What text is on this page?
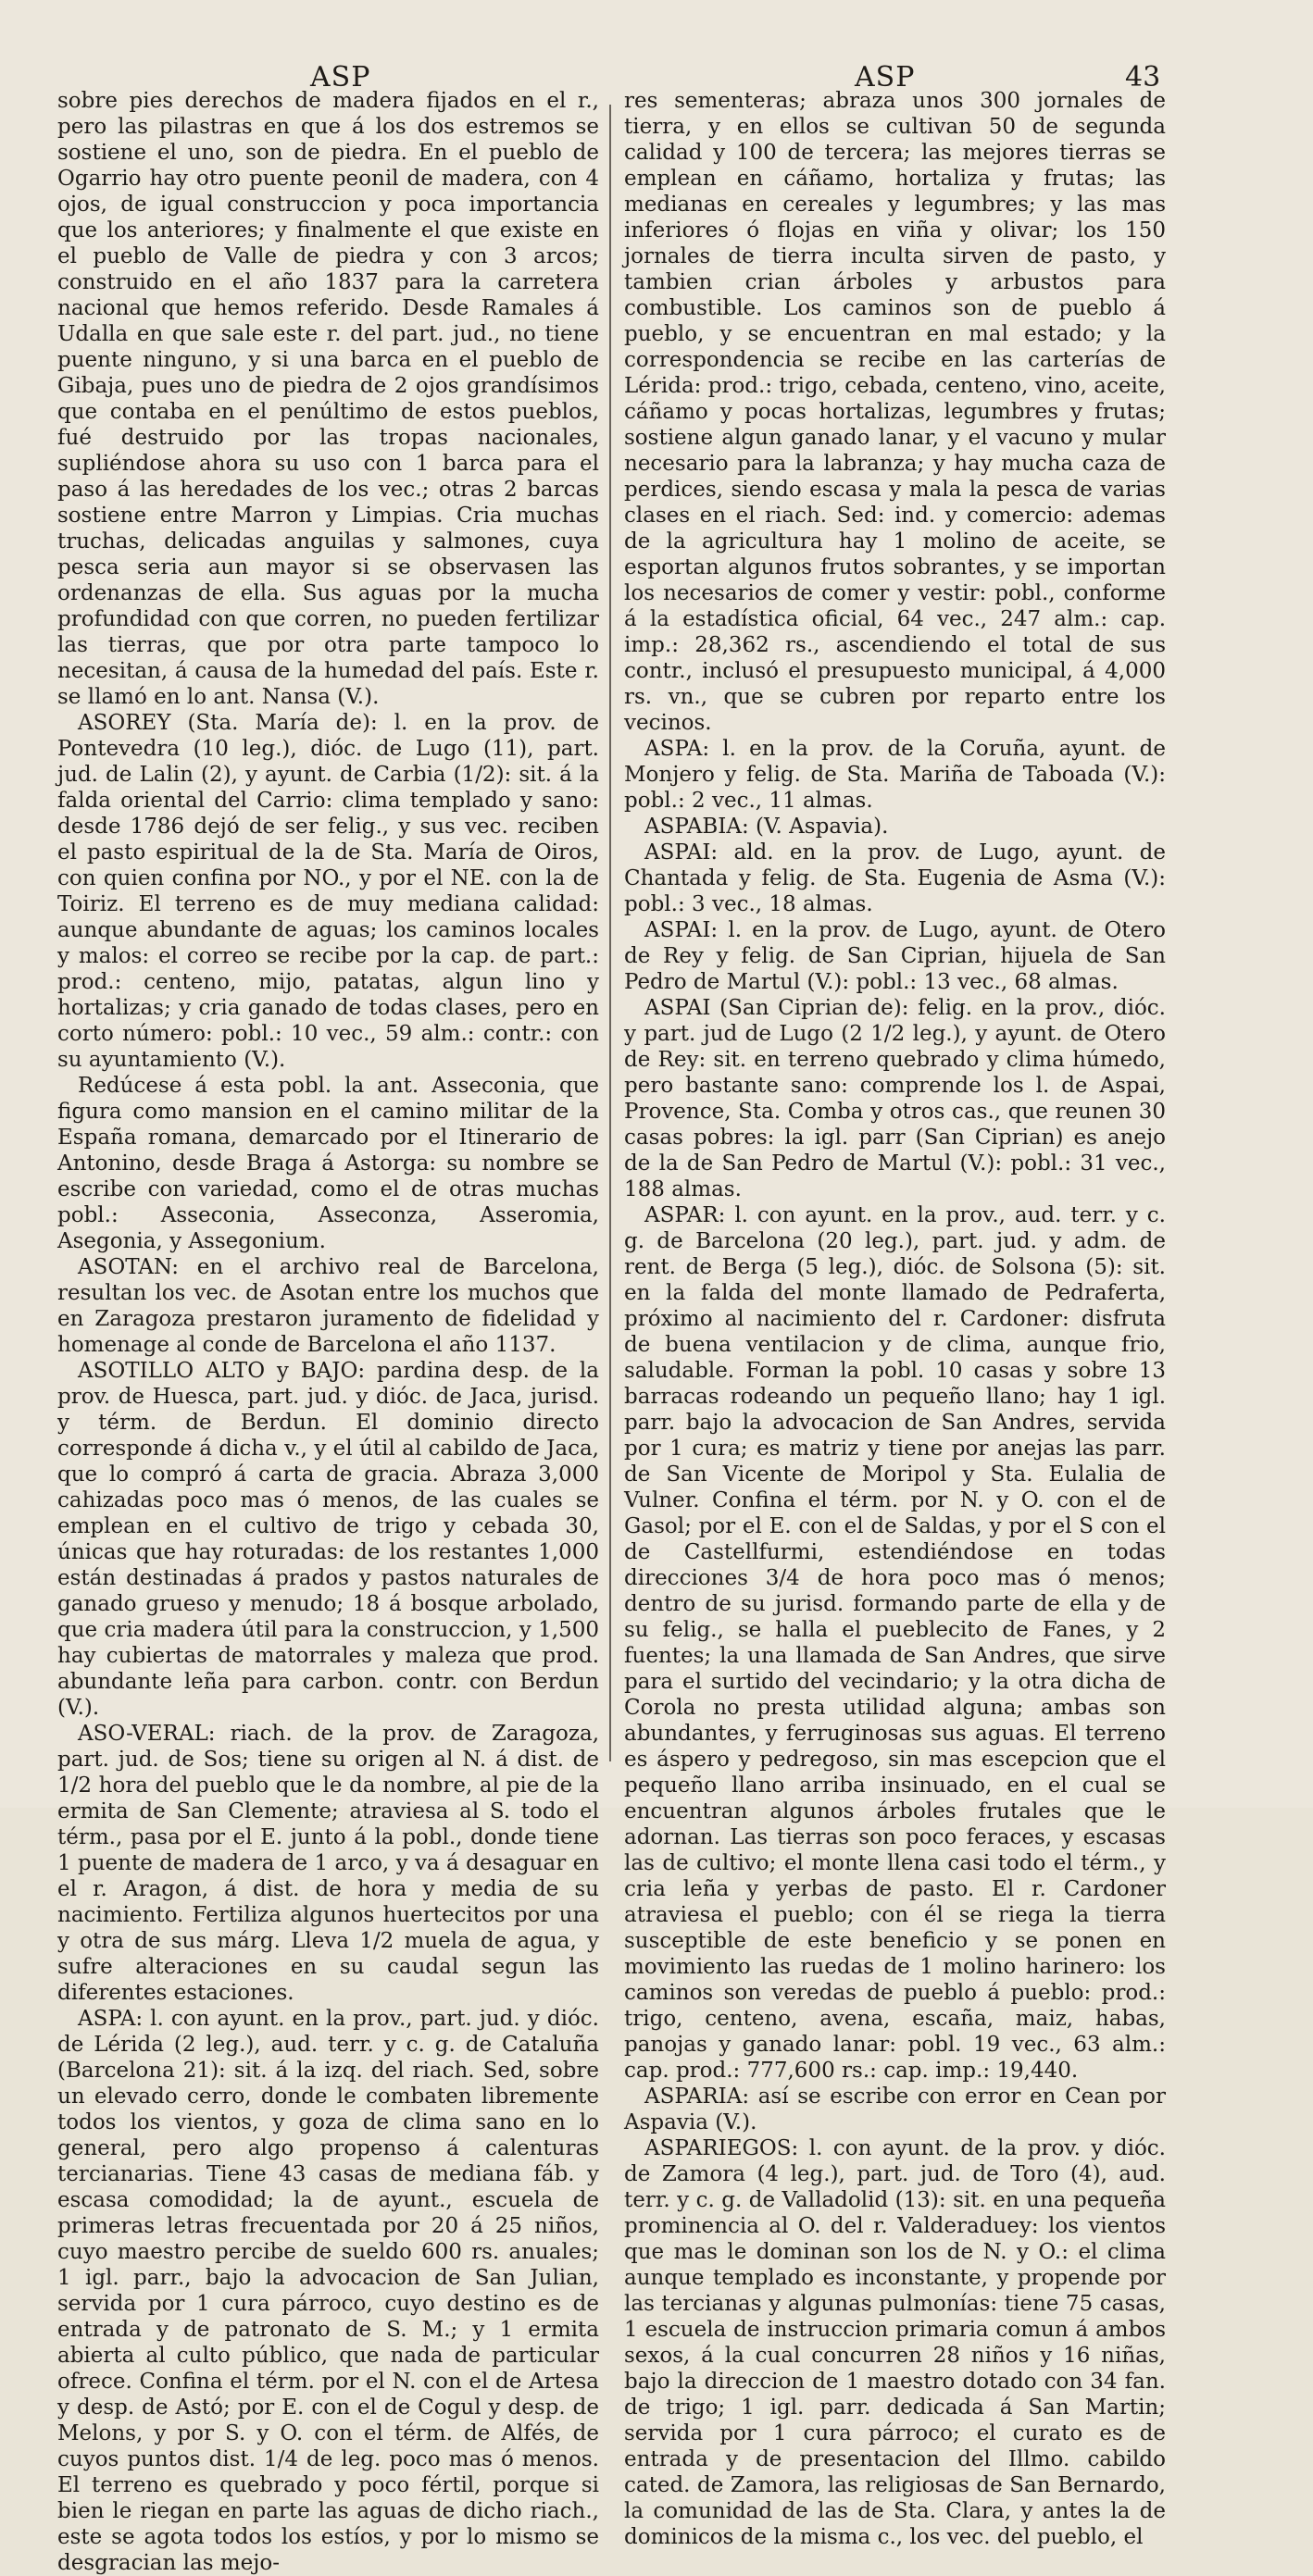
ASP	ASP	43

sobre pies derechos de madera fijados en el r., pero las pilastras en que á los dos estremos se sostiene el uno, son de piedra. En el pueblo de Ogarrio hay otro puente peonil de madera, con 4 ojos, de igual construccion y poca importancia que los anteriores; y finalmente el que existe en el pueblo de Valle de piedra y con 3 arcos; construido en el año 1837 para la carretera nacional que hemos referido. Desde Ramales á Udalla en que sale este r. del part. jud., no tiene puente ninguno, y si una barca en el pueblo de Gibaja, pues uno de piedra de 2 ojos grandísimos que contaba en el penúltimo de estos pueblos, fué destruido por las tropas nacionales, supliéndose ahora su uso con 1 barca para el paso á las heredades de los vec.; otras 2 barcas sostiene entre Marron y Limpias. Cria muchas truchas, delicadas anguilas y salmones, cuya pesca seria aun mayor si se observasen las ordenanzas de ella. Sus aguas por la mucha profundidad con que corren, no pueden fertilizar las tierras, que por otra parte tampoco lo necesitan, á causa de la humedad del país. Este r. se llamó en lo ant. Nansa (V.).

ASOREY (Sta. María de): l. en la prov. de Pontevedra (10 leg.), dióc. de Lugo (11), part. jud. de Lalin (2), y ayunt. de Carbia (1/2): sit. á la falda oriental del Carrio: clima templado y sano: desde 1786 dejó de ser felig., y sus vec. reciben el pasto espiritual de la de Sta. María de Oiros, con quien confina por NO., y por el NE. con la de Toiriz. El terreno es de muy mediana calidad: aunque abundante de aguas; los caminos locales y malos: el correo se recibe por la cap. de part.: prod.: centeno, mijo, patatas, algun lino y hortalizas; y cria ganado de todas clases, pero en corto número: pobl.: 10 vec., 59 alm.: contr.: con su ayuntamiento (V.).

Redúcese á esta pobl. la ant. Asseconia, que figura como mansion en el camino militar de la España romana, demarcado por el Itinerario de Antonino, desde Braga á Astorga: su nombre se escribe con variedad, como el de otras muchas pobl.: Asseconia, Asseconza, Asseromia, Asegonia, y Assegonium.

ASOTAN: en el archivo real de Barcelona, resultan los vec. de Asotan entre los muchos que en Zaragoza prestaron juramento de fidelidad y homenage al conde de Barcelona el año 1137.

ASOTILLO ALTO y BAJO: pardina desp. de la prov. de Huesca, part. jud. y dióc. de Jaca, jurisd. y térm. de Berdun. El dominio directo corresponde á dicha v., y el útil al cabildo de Jaca, que lo compró á carta de gracia. Abraza 3,000 cahizadas poco mas ó menos, de las cuales se emplean en el cultivo de trigo y cebada 30, únicas que hay roturadas: de los restantes 1,000 están destinadas á prados y pastos naturales de ganado grueso y menudo; 18 á bosque arbolado, que cria madera útil para la construccion, y 1,500 hay cubiertas de matorrales y maleza que prod. abundante leña para carbon. contr. con Berdun (V.).

ASO-VERAL: riach. de la prov. de Zaragoza, part. jud. de Sos; tiene su origen al N. á dist. de 1/2 hora del pueblo que le da nombre, al pie de la ermita de San Clemente; atraviesa al S. todo el térm., pasa por el E. junto á la pobl., donde tiene 1 puente de madera de 1 arco, y va á desaguar en el r. Aragon, á dist. de hora y media de su nacimiento. Fertiliza algunos huertecitos por una y otra de sus márg. Lleva 1/2 muela de agua, y sufre alteraciones en su caudal segun las diferentes estaciones.

ASPA: l. con ayunt. en la prov., part. jud. y dióc. de Lérida (2 leg.), aud. terr. y c. g. de Cataluña (Barcelona 21): sit. á la izq. del riach. Sed, sobre un elevado cerro, donde le combaten libremente todos los vientos, y goza de clima sano en lo general, pero algo propenso á calenturas tercianarias. Tiene 43 casas de mediana fáb. y escasa comodidad; la de ayunt., escuela de primeras letras frecuentada por 20 á 25 niños, cuyo maestro percibe de sueldo 600 rs. anuales; 1 igl. parr., bajo la advocacion de San Julian, servida por 1 cura párroco, cuyo destino es de entrada y de patronato de S. M.; y 1 ermita abierta al culto público, que nada de particular ofrece. Confina el térm. por el N. con el de Artesa y desp. de Astó; por E. con el de Cogul y desp. de Melons, y por S. y O. con el térm. de Alfés, de cuyos puntos dist. 1/4 de leg. poco mas ó menos. El terreno es quebrado y poco fértil, porque si bien le riegan en parte las aguas de dicho riach., este se agota todos los estíos, y por lo mismo se desgracian las mejo-

res sementeras; abraza unos 300 jornales de tierra, y en ellos se cultivan 50 de segunda calidad y 100 de tercera; las mejores tierras se emplean en cáñamo, hortaliza y frutas; las medianas en cereales y legumbres; y las mas inferiores ó flojas en viña y olivar; los 150 jornales de tierra inculta sirven de pasto, y tambien crian árboles y arbustos para combustible. Los caminos son de pueblo á pueblo, y se encuentran en mal estado; y la correspondencia se recibe en las carterías de Lérida: prod.: trigo, cebada, centeno, vino, aceite, cáñamo y pocas hortalizas, legumbres y frutas; sostiene algun ganado lanar, y el vacuno y mular necesario para la labranza; y hay mucha caza de perdices, siendo escasa y mala la pesca de varias clases en el riach. Sed: ind. y comercio: ademas de la agricultura hay 1 molino de aceite, se esportan algunos frutos sobrantes, y se importan los necesarios de comer y vestir: pobl., conforme á la estadística oficial, 64 vec., 247 alm.: cap. imp.: 28,362 rs., ascendiendo el total de sus contr., inclusó el presupuesto municipal, á 4,000 rs. vn., que se cubren por reparto entre los vecinos.

ASPA: l. en la prov. de la Coruña, ayunt. de Monjero y felig. de Sta. Mariña de Taboada (V.): pobl.: 2 vec., 11 almas.

ASPABIA: (V. Aspavia).

ASPAI: ald. en la prov. de Lugo, ayunt. de Chantada y felig. de Sta. Eugenia de Asma (V.): pobl.: 3 vec., 18 almas.

ASPAI: l. en la prov. de Lugo, ayunt. de Otero de Rey y felig. de San Ciprian, hijuela de San Pedro de Martul (V.): pobl.: 13 vec., 68 almas.

ASPAI (San Ciprian de): felig. en la prov., dióc. y part. jud de Lugo (2 1/2 leg.), y ayunt. de Otero de Rey: sit. en terreno quebrado y clima húmedo, pero bastante sano: comprende los l. de Aspai, Provence, Sta. Comba y otros cas., que reunen 30 casas pobres: la igl. parr (San Ciprian) es anejo de la de San Pedro de Martul (V.): pobl.: 31 vec., 188 almas.

ASPAR: l. con ayunt. en la prov., aud. terr. y c. g. de Barcelona (20 leg.), part. jud. y adm. de rent. de Berga (5 leg.), dióc. de Solsona (5): sit. en la falda del monte llamado de Pedraferta, próximo al nacimiento del r. Cardoner: disfruta de buena ventilacion y de clima, aunque frio, saludable. Forman la pobl. 10 casas y sobre 13 barracas rodeando un pequeño llano; hay 1 igl. parr. bajo la advocacion de San Andres, servida por 1 cura; es matriz y tiene por anejas las parr. de San Vicente de Moripol y Sta. Eulalia de Vulner. Confina el térm. por N. y O. con el de Gasol; por el E. con el de Saldas, y por el S con el de Castellfurmi, estendiéndose en todas direcciones 3/4 de hora poco mas ó menos; dentro de su jurisd. formando parte de ella y de su felig., se halla el pueblecito de Fanes, y 2 fuentes; la una llamada de San Andres, que sirve para el surtido del vecindario; y la otra dicha de Corola no presta utilidad alguna; ambas son abundantes, y ferruginosas sus aguas. El terreno es áspero y pedregoso, sin mas escepcion que el pequeño llano arriba insinuado, en el cual se encuentran algunos árboles frutales que le adornan. Las tierras son poco feraces, y escasas las de cultivo; el monte llena casi todo el térm., y cria leña y yerbas de pasto. El r. Cardoner atraviesa el pueblo; con él se riega la tierra susceptible de este beneficio y se ponen en movimiento las ruedas de 1 molino harinero: los caminos son veredas de pueblo á pueblo: prod.: trigo, centeno, avena, escaña, maiz, habas, panojas y ganado lanar: pobl. 19 vec., 63 alm.: cap. prod.: 777,600 rs.: cap. imp.: 19,440.

ASPARIA: así se escribe con error en Cean por Aspavia (V.).

ASPARIEGOS: l. con ayunt. de la prov. y dióc. de Zamora (4 leg.), part. jud. de Toro (4), aud. terr. y c. g. de Valladolid (13): sit. en una pequeña prominencia al O. del r. Valderaduey: los vientos que mas le dominan son los de N. y O.: el clima aunque templado es inconstante, y propende por las tercianas y algunas pulmonías: tiene 75 casas, 1 escuela de instruccion primaria comun á ambos sexos, á la cual concurren 28 niños y 16 niñas, bajo la direccion de 1 maestro dotado con 34 fan. de trigo; 1 igl. parr. dedicada á San Martin; servida por 1 cura párroco; el curato es de entrada y de presentacion del Illmo. cabildo cated. de Zamora, las religiosas de San Bernardo, la comunidad de las de Sta. Clara, y antes la de dominicos de la misma c., los vec. del pueblo, el
